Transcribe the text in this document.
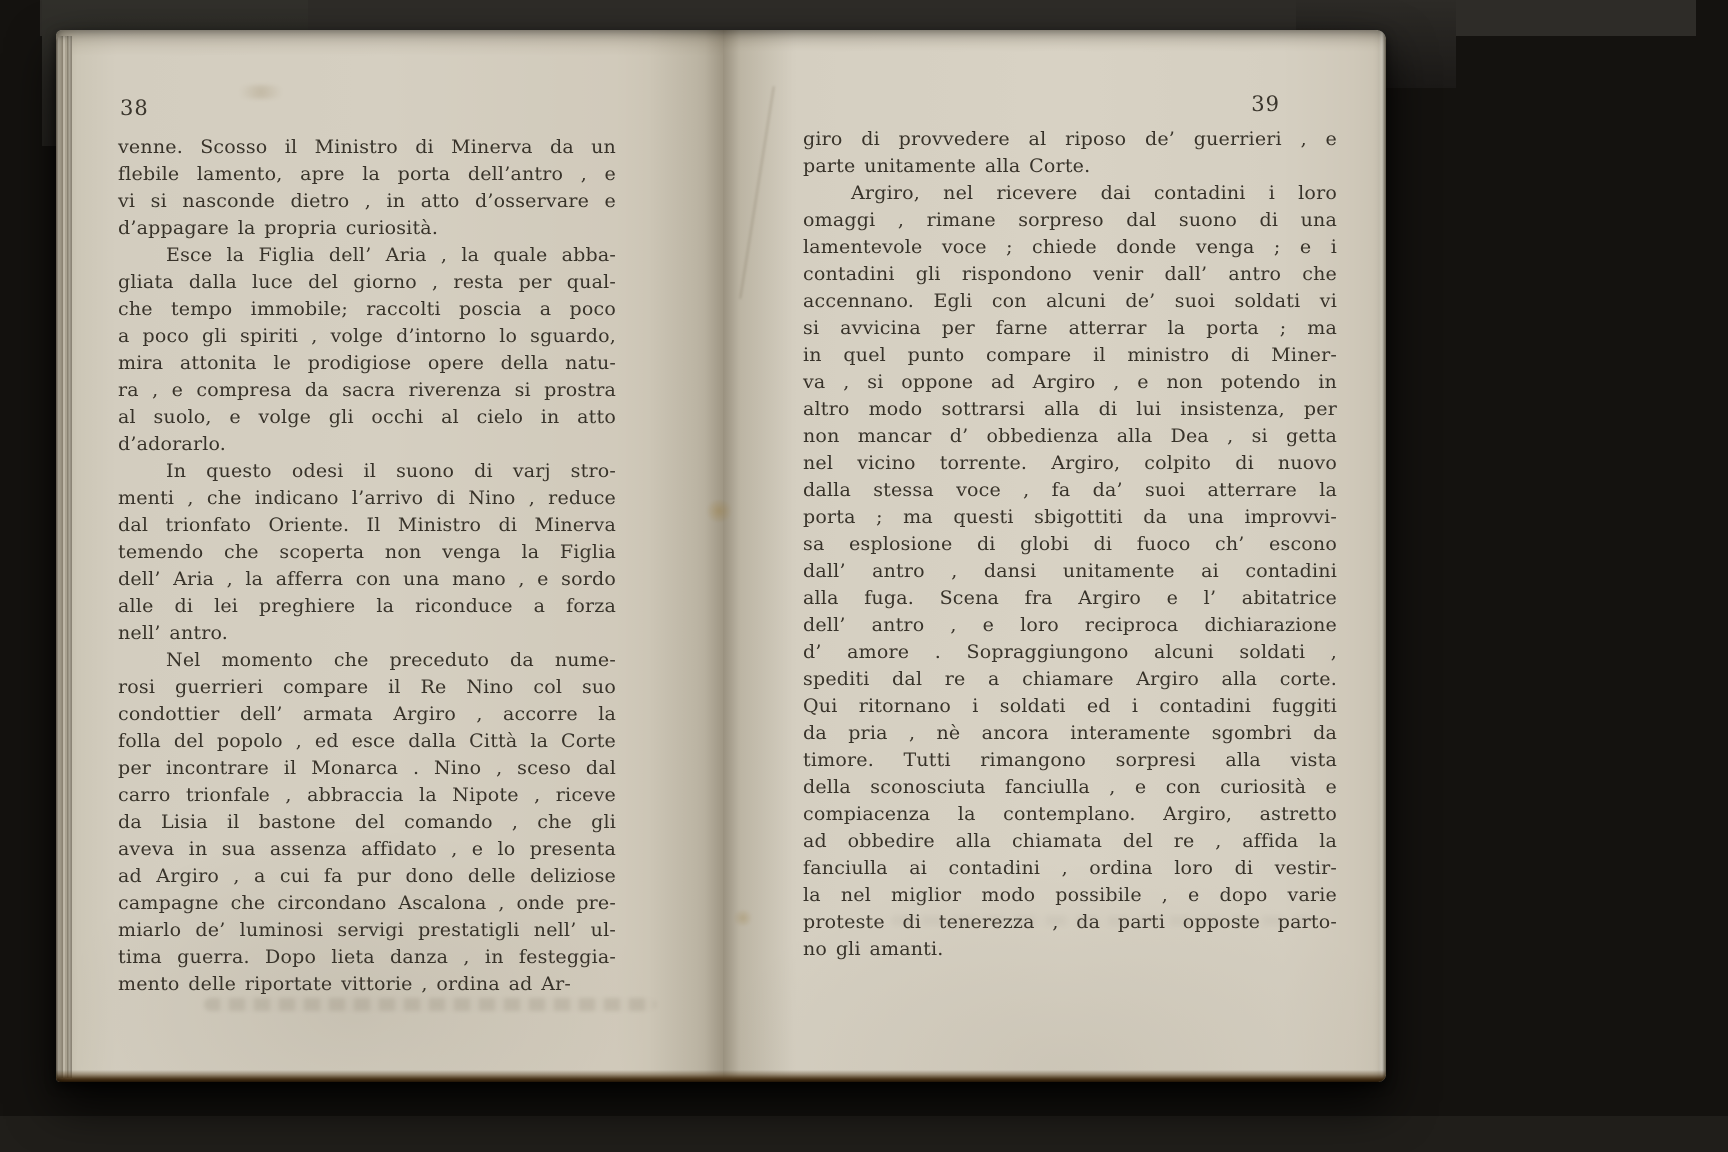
38
venne. Scosso il Ministro di Minerva da un
flebile lamento, apre la porta dell’antro , e
vi si nasconde dietro , in atto d’osservare e
d’appagare la propria curiosità.
Esce la Figlia dell’ Aria , la quale abba-
gliata dalla luce del giorno , resta per qual-
che tempo immobile; raccolti poscia a poco
a poco gli spiriti , volge d’intorno lo sguardo,
mira attonita le prodigiose opere della natu-
ra , e compresa da sacra riverenza si prostra
al suolo, e volge gli occhi al cielo in atto
d’adorarlo.
In questo odesi il suono di varj stro-
menti , che indicano l’arrivo di Nino , reduce
dal trionfato Oriente. Il Ministro di Minerva
temendo che scoperta non venga la Figlia
dell’ Aria , la afferra con una mano , e sordo
alle di lei preghiere la riconduce a forza
nell’ antro.
Nel momento che preceduto da nume-
rosi guerrieri compare il Re Nino col suo
condottier dell’ armata Argiro , accorre la
folla del popolo , ed esce dalla Città la Corte
per incontrare il Monarca . Nino , sceso dal
carro trionfale , abbraccia la Nipote , riceve
da Lisia il bastone del comando , che gli
aveva in sua assenza affidato , e lo presenta
ad Argiro , a cui fa pur dono delle deliziose
campagne che circondano Ascalona , onde pre-
miarlo de’ luminosi servigi prestatigli nell’ ul-
tima guerra. Dopo lieta danza , in festeggia-
mento delle riportate vittorie , ordina ad Ar-
39
giro di provvedere al riposo de’ guerrieri , e
parte unitamente alla Corte.
Argiro, nel ricevere dai contadini i loro
omaggi , rimane sorpreso dal suono di una
lamentevole voce ; chiede donde venga ; e i
contadini gli rispondono venir dall’ antro che
accennano. Egli con alcuni de’ suoi soldati vi
si avvicina per farne atterrar la porta ; ma
in quel punto compare il ministro di Miner-
va , si oppone ad Argiro , e non potendo in
altro modo sottrarsi alla di lui insistenza, per
non mancar d’ obbedienza alla Dea , si getta
nel vicino torrente. Argiro, colpito di nuovo
dalla stessa voce , fa da’ suoi atterrare la
porta ; ma questi sbigottiti da una improvvi-
sa esplosione di globi di fuoco ch’ escono
dall’ antro , dansi unitamente ai contadini
alla fuga. Scena fra Argiro e l’ abitatrice
dell’ antro , e loro reciproca dichiarazione
d’ amore . Sopraggiungono alcuni soldati ,
spediti dal re a chiamare Argiro alla corte.
Qui ritornano i soldati ed i contadini fuggiti
da pria , nè ancora interamente sgombri da
timore. Tutti rimangono sorpresi alla vista
della sconosciuta fanciulla , e con curiosità e
compiacenza la contemplano. Argiro, astretto
ad obbedire alla chiamata del re , affida la
fanciulla ai contadini , ordina loro di vestir-
la nel miglior modo possibile , e dopo varie
proteste di tenerezza , da parti opposte parto-
no gli amanti.
